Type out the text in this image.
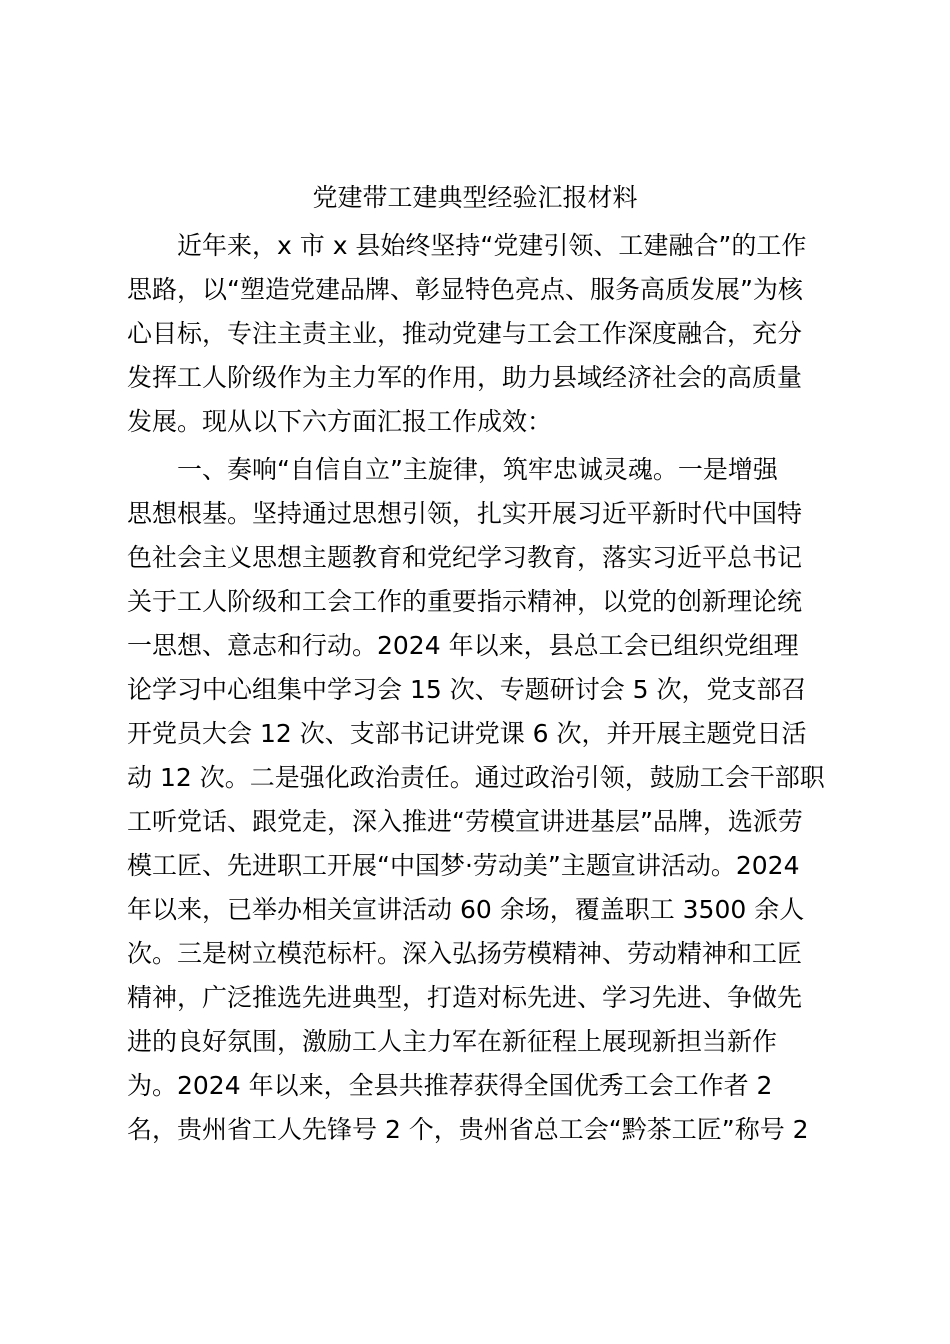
党建带工建典型经验汇报材料
近年来，x 市 x 县始终坚持“党建引领、工建融合”的工作
思路，以“塑造党建品牌、彰显特色亮点、服务高质发展”为核
心目标，专注主责主业，推动党建与工会工作深度融合，充分
发挥工人阶级作为主力军的作用，助力县域经济社会的高质量
发展。现从以下六方面汇报工作成效：
一、奏响“自信自立”主旋律，筑牢忠诚灵魂。一是增强
思想根基。坚持通过思想引领，扎实开展习近平新时代中国特
色社会主义思想主题教育和党纪学习教育，落实习近平总书记
关于工人阶级和工会工作的重要指示精神，以党的创新理论统
一思想、意志和行动。2024 年以来，县总工会已组织党组理
论学习中心组集中学习会 15 次、专题研讨会 5 次，党支部召
开党员大会 12 次、支部书记讲党课 6 次，并开展主题党日活
动 12 次。二是强化政治责任。通过政治引领，鼓励工会干部职
工听党话、跟党走，深入推进“劳模宣讲进基层”品牌，选派劳
模工匠、先进职工开展“中国梦·劳动美”主题宣讲活动。2024
年以来，已举办相关宣讲活动 60 余场，覆盖职工 3500 余人
次。三是树立模范标杆。深入弘扬劳模精神、劳动精神和工匠
精神，广泛推选先进典型，打造对标先进、学习先进、争做先
进的良好氛围，激励工人主力军在新征程上展现新担当新作
为。2024 年以来，全县共推荐获得全国优秀工会工作者 2
名，贵州省工人先锋号 2 个，贵州省总工会“黔茶工匠”称号 2
